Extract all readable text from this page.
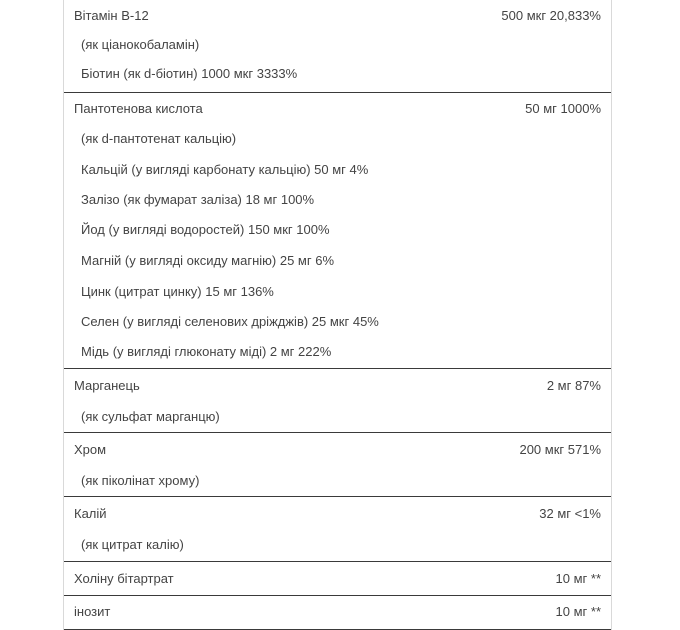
Вітамін B-12	500 мкг 20,833%
(як ціанокобаламін)
Біотин (як d-біотин) 1000 мкг 3333%
Пантотенова кислота	50 мг 1000%
(як d-пантотенат кальцію)
Кальцій (у вигляді карбонату кальцію) 50 мг 4%
Залізо (як фумарат заліза) 18 мг 100%
Йод (у вигляді водоростей) 150 мкг 100%
Магній (у вигляді оксиду магнію) 25 мг 6%
Цинк (цитрат цинку) 15 мг 136%
Селен (у вигляді селенових дріжджів) 25 мкг 45%
Мідь (у вигляді глюконату міді) 2 мг 222%
Марганець	2 мг 87%
(як сульфат марганцю)
Хром	200 мкг 571%
(як піколінат хрому)
Калій	32 мг <1%
(як цитрат калію)
Холіну бітартрат	10 мг **
інозит	10 мг **
